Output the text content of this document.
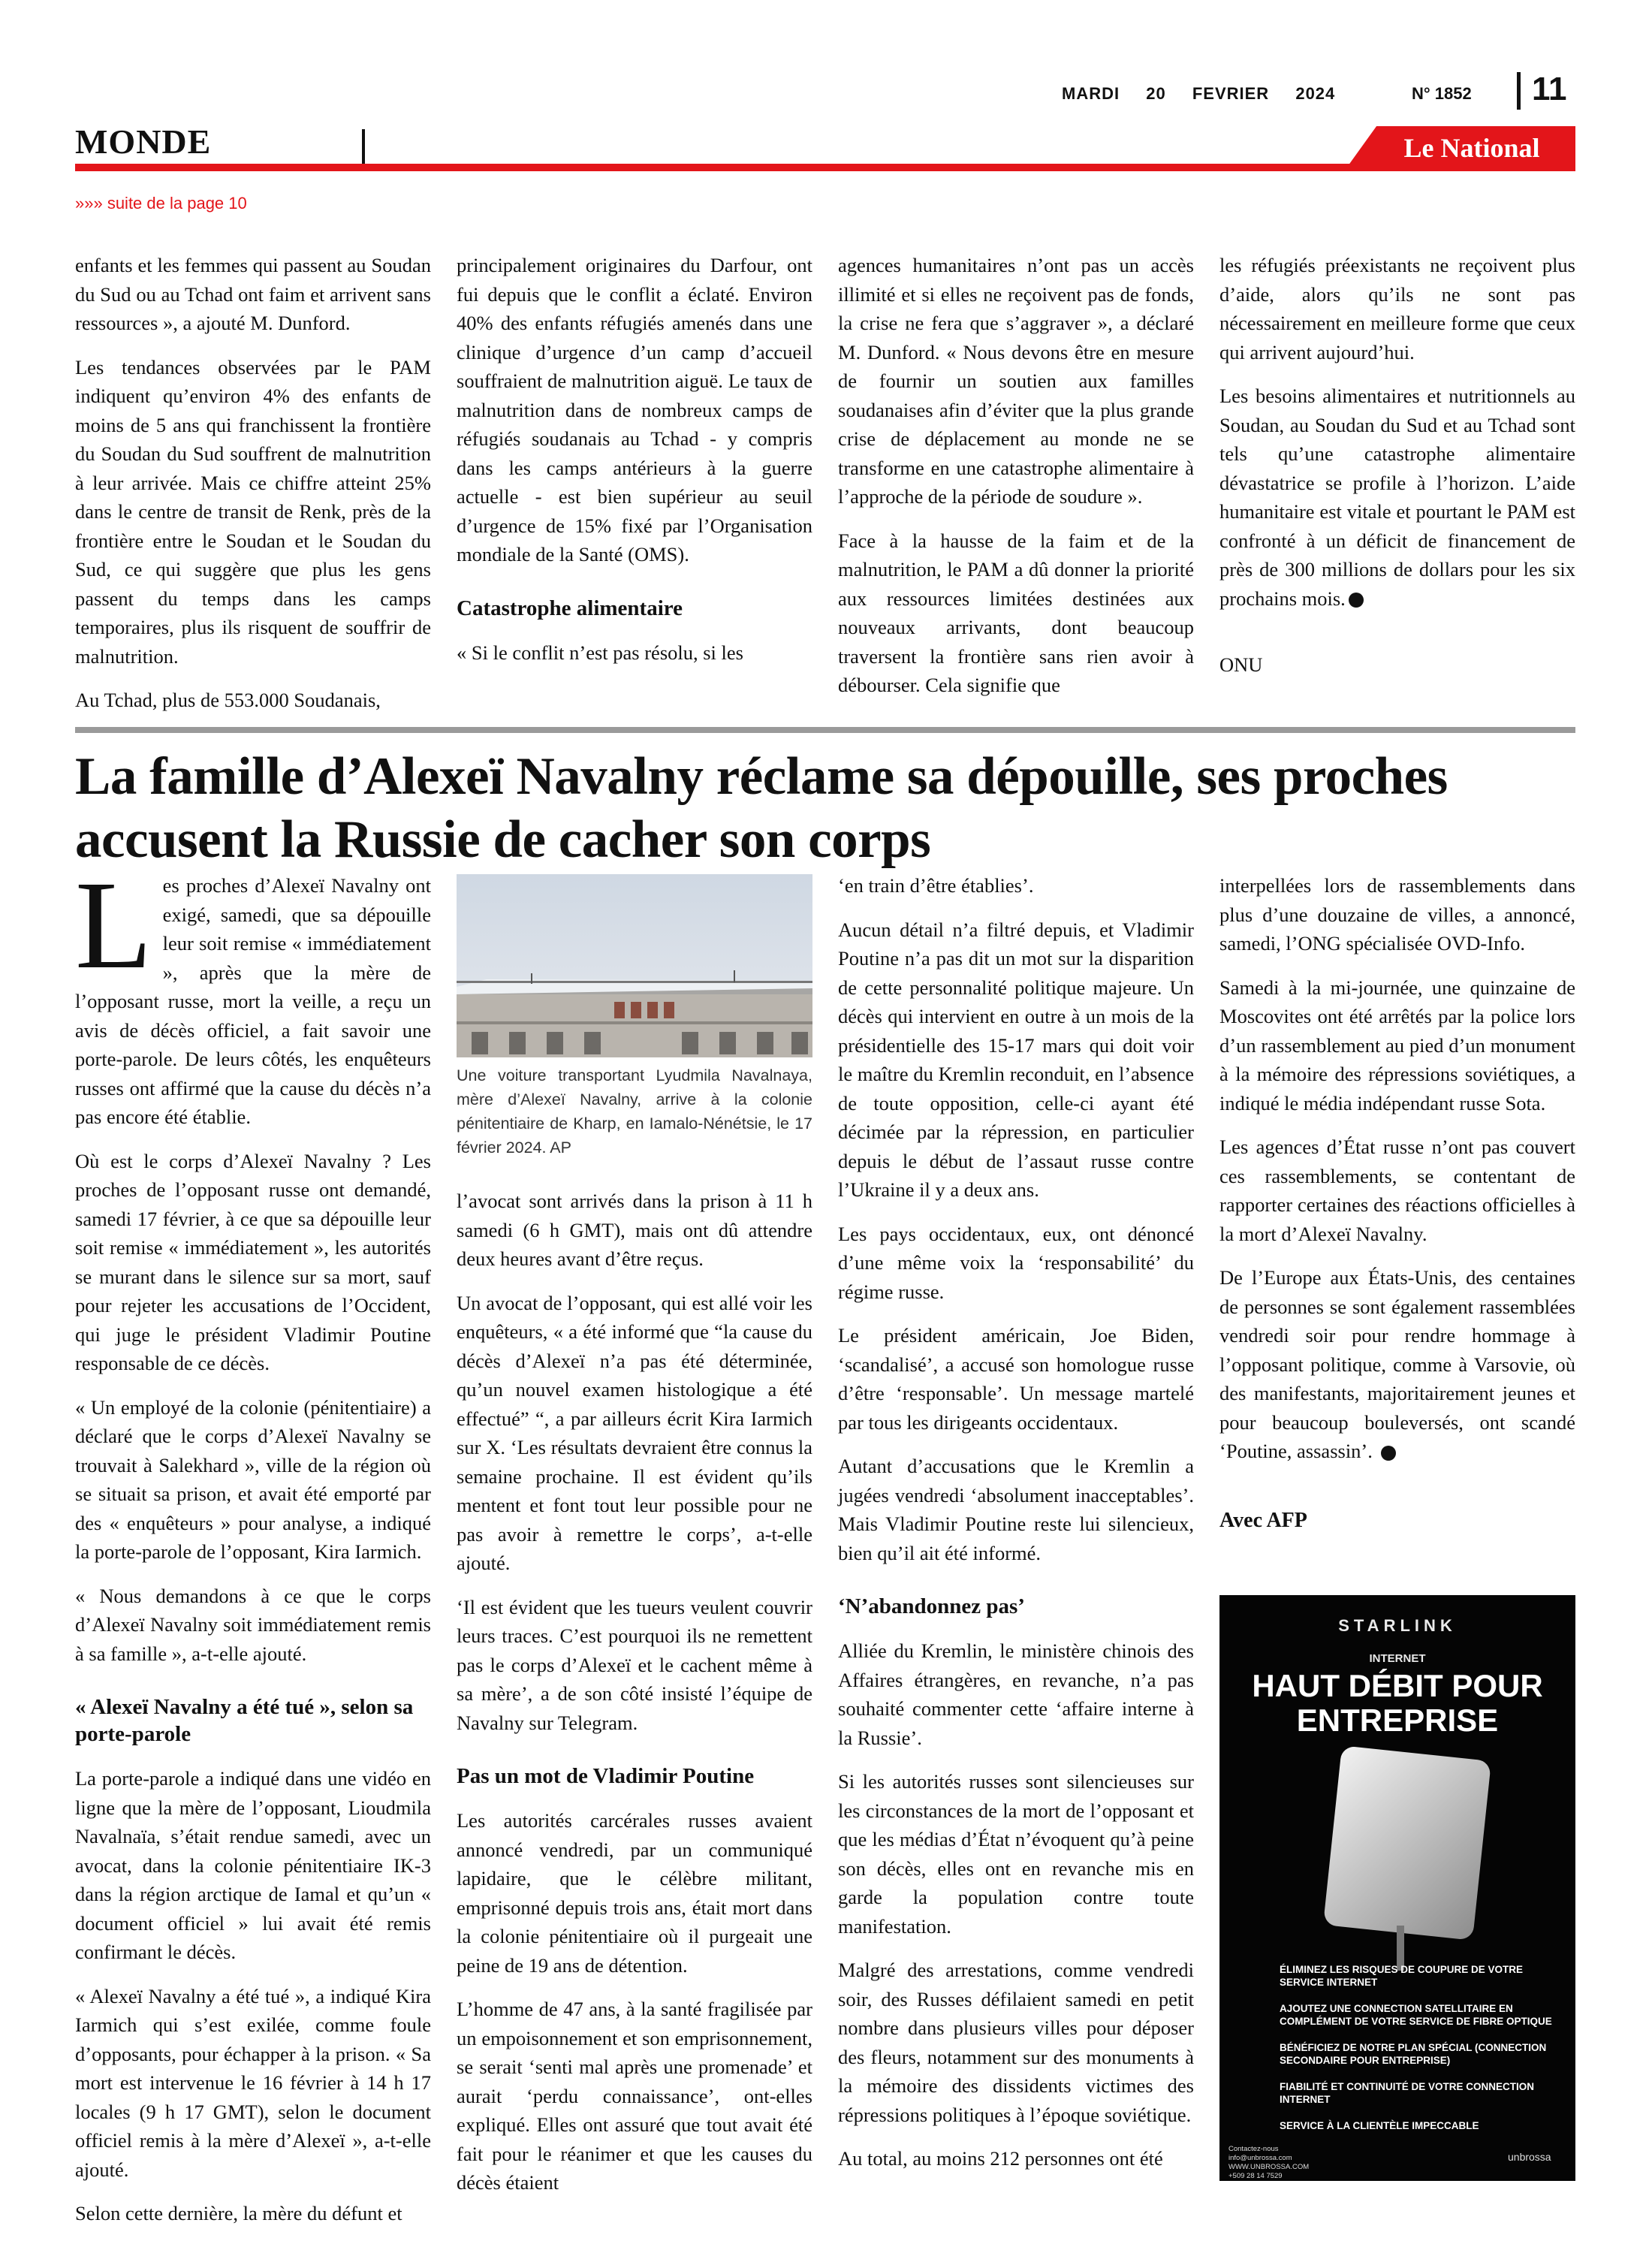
MARDI 20 FEVRIER 2024	N° 1852 11
MONDE	Le National
»»» suite de la page 10

enfants et les femmes qui passent au Soudan du Sud ou au Tchad ont faim et arrivent sans ressources », a ajouté M. Dunford.

Les tendances observées par le PAM indiquent qu’environ 4% des enfants de moins de 5 ans qui franchissent la frontière du Soudan du Sud souffrent de malnutrition à leur arrivée. Mais ce chiffre atteint 25% dans le centre de transit de Renk, près de la frontière entre le Soudan et le Soudan du Sud, ce qui suggère que plus les gens passent du temps dans les camps temporaires, plus ils risquent de souffrir de malnutrition.

Au Tchad, plus de 553.000 Soudanais,

principalement originaires du Darfour, ont fui depuis que le conflit a éclaté. Environ 40% des enfants réfugiés amenés dans une clinique d’urgence d’un camp d’accueil souffraient de malnutrition aiguë. Le taux de malnutrition dans de nombreux camps de réfugiés soudanais au Tchad - y compris dans les camps antérieurs à la guerre actuelle - est bien supérieur au seuil d’urgence de 15% fixé par l’Organisation mondiale de la Santé (OMS).

Catastrophe alimentaire

« Si le conflit n’est pas résolu, si les

agences humanitaires n’ont pas un accès illimité et si elles ne reçoivent pas de fonds, la crise ne fera que s’aggraver », a déclaré M. Dunford. « Nous devons être en mesure de fournir un soutien aux familles soudanaises afin d’éviter que la plus grande crise de déplacement au monde ne se transforme en une catastrophe alimentaire à l’approche de la période de soudure ».

Face à la hausse de la faim et de la malnutrition, le PAM a dû donner la priorité aux ressources limitées destinées aux nouveaux arrivants, dont beaucoup traversent la frontière sans rien avoir à débourser. Cela signifie que

les réfugiés préexistants ne reçoivent plus d’aide, alors qu’ils ne sont pas nécessairement en meilleure forme que ceux qui arrivent aujourd’hui.

Les besoins alimentaires et nutritionnels au Soudan, au Soudan du Sud et au Tchad sont tels qu’une catastrophe alimentaire dévastatrice se profile à l’horizon. L’aide humanitaire est vitale et pourtant le PAM est confronté à un déficit de financement de près de 300 millions de dollars pour les six prochains mois.

ONU

La famille d’Alexeï Navalny réclame sa dépouille, ses proches accusent la Russie de cacher son corps

Les proches d’Alexeï Navalny ont exigé, samedi, que sa dépouille leur soit remise « immédiatement », après que la mère de l’opposant russe, mort la veille, a reçu un avis de décès officiel, a fait savoir une porte-parole. De leurs côtés, les enquêteurs russes ont affirmé que la cause du décès n’a pas encore été établie.

Où est le corps d’Alexeï Navalny ? Les proches de l’opposant russe ont demandé, samedi 17 février, à ce que sa dépouille leur soit remise « immédiatement », les autorités se murant dans le silence sur sa mort, sauf pour rejeter les accusations de l’Occident, qui juge le président Vladimir Poutine responsable de ce décès.

« Un employé de la colonie (pénitentiaire) a déclaré que le corps d’Alexeï Navalny se trouvait à Salekhard », ville de la région où se situait sa prison, et avait été emporté par des « enquêteurs » pour analyse, a indiqué la porte-parole de l’opposant, Kira Iarmich.

« Nous demandons à ce que le corps d’Alexeï Navalny soit immédiatement remis à sa famille », a-t-elle ajouté.

« Alexeï Navalny a été tué », selon sa porte-parole

La porte-parole a indiqué dans une vidéo en ligne que la mère de l’opposant, Lioudmila Navalnaïa, s’était rendue samedi, avec un avocat, dans la colonie pénitentiaire IK-3 dans la région arctique de Iamal et qu’un « document officiel » lui avait été remis confirmant le décès.

« Alexeï Navalny a été tué », a indiqué Kira Iarmich qui s’est exilée, comme foule d’opposants, pour échapper à la prison. « Sa mort est intervenue le 16 février à 14 h 17 locales (9 h 17 GMT), selon le document officiel remis à la mère d’Alexeï », a-t-elle ajouté.

Selon cette dernière, la mère du défunt et

Une voiture transportant Lyudmila Navalnaya, mère d’Alexeï Navalny, arrive à la colonie pénitentiaire de Kharp, en Iamalo-Nénétsie, le 17 février 2024. AP

l’avocat sont arrivés dans la prison à 11 h samedi (6 h GMT), mais ont dû attendre deux heures avant d’être reçus.

Un avocat de l’opposant, qui est allé voir les enquêteurs, « a été informé que “la cause du décès d’Alexeï n’a pas été déterminée, qu’un nouvel examen histologique a été effectué” “, a par ailleurs écrit Kira Iarmich sur X. ‘Les résultats devraient être connus la semaine prochaine. Il est évident qu’ils mentent et font tout leur possible pour ne pas avoir à remettre le corps’, a-t-elle ajouté.

‘Il est évident que les tueurs veulent couvrir leurs traces. C’est pourquoi ils ne remettent pas le corps d’Alexeï et le cachent même à sa mère’, a de son côté insisté l’équipe de Navalny sur Telegram.

Pas un mot de Vladimir Poutine

Les autorités carcérales russes avaient annoncé vendredi, par un communiqué lapidaire, que le célèbre militant, emprisonné depuis trois ans, était mort dans la colonie pénitentiaire où il purgeait une peine de 19 ans de détention.

L’homme de 47 ans, à la santé fragilisée par un empoisonnement et son emprisonnement, se serait ‘senti mal après une promenade’ et aurait ‘perdu connaissance’, ont-elles expliqué. Elles ont assuré que tout avait été fait pour le réanimer et que les causes du décès étaient

‘en train d’être établies’.

Aucun détail n’a filtré depuis, et Vladimir Poutine n’a pas dit un mot sur la disparition de cette personnalité politique majeure. Un décès qui intervient en outre à un mois de la présidentielle des 15-17 mars qui doit voir le maître du Kremlin reconduit, en l’absence de toute opposition, celle-ci ayant été décimée par la répression, en particulier depuis le début de l’assaut russe contre l’Ukraine il y a deux ans.

Les pays occidentaux, eux, ont dénoncé d’une même voix la ‘responsabilité’ du régime russe.

Le président américain, Joe Biden, ‘scandalisé’, a accusé son homologue russe d’être ‘responsable’. Un message martelé par tous les dirigeants occidentaux.

Autant d’accusations que le Kremlin a jugées vendredi ‘absolument inacceptables’. Mais Vladimir Poutine reste lui silencieux, bien qu’il ait été informé.

‘N’abandonnez pas’

Alliée du Kremlin, le ministère chinois des Affaires étrangères, en revanche, n’a pas souhaité commenter cette ‘affaire interne à la Russie’.

Si les autorités russes sont silencieuses sur les circonstances de la mort de l’opposant et que les médias d’État n’évoquent qu’à peine son décès, elles ont en revanche mis en garde la population contre toute manifestation.

Malgré des arrestations, comme vendredi soir, des Russes défilaient samedi en petit nombre dans plusieurs villes pour déposer des fleurs, notamment sur des monuments à la mémoire des dissidents victimes des répressions politiques à l’époque soviétique.

Au total, au moins 212 personnes ont été

interpellées lors de rassemblements dans plus d’une douzaine de villes, a annoncé, samedi, l’ONG spécialisée OVD-Info.

Samedi à la mi-journée, une quinzaine de Moscovites ont été arrêtés par la police lors d’un rassemblement au pied d’un monument à la mémoire des répressions soviétiques, a indiqué le média indépendant russe Sota.

Les agences d’État russe n’ont pas couvert ces rassemblements, se contentant de rapporter certaines des réactions officielles à la mort d’Alexeï Navalny.

De l’Europe aux États-Unis, des centaines de personnes se sont également rassemblées vendredi soir pour rendre hommage à l’opposant politique, comme à Varsovie, où des manifestants, majoritairement jeunes et pour beaucoup bouleversés, ont scandé ‘Poutine, assassin’.

Avec AFP
STARLINK
INTERNET
HAUT DÉBIT POUR
ENTREPRISE
ÉLIMINEZ LES RISQUES DE COUPURE DE VOTRE SERVICE INTERNET
AJOUTEZ UNE CONNECTION SATELLITAIRE EN COMPLÉMENT DE VOTRE SERVICE DE FIBRE OPTIQUE
BÉNÉFICIEZ DE NOTRE PLAN SPÉCIAL (CONNECTION SECONDAIRE POUR ENTREPRISE)
FIABILITÉ ET CONTINUITÉ DE VOTRE CONNECTION INTERNET
SERVICE À LA CLIENTÈLE IMPECCABLE
Contactez-nous
info@unbrossa.com
WWW.UNBROSSA.COM
+509 28 14 7529
unbrossa
